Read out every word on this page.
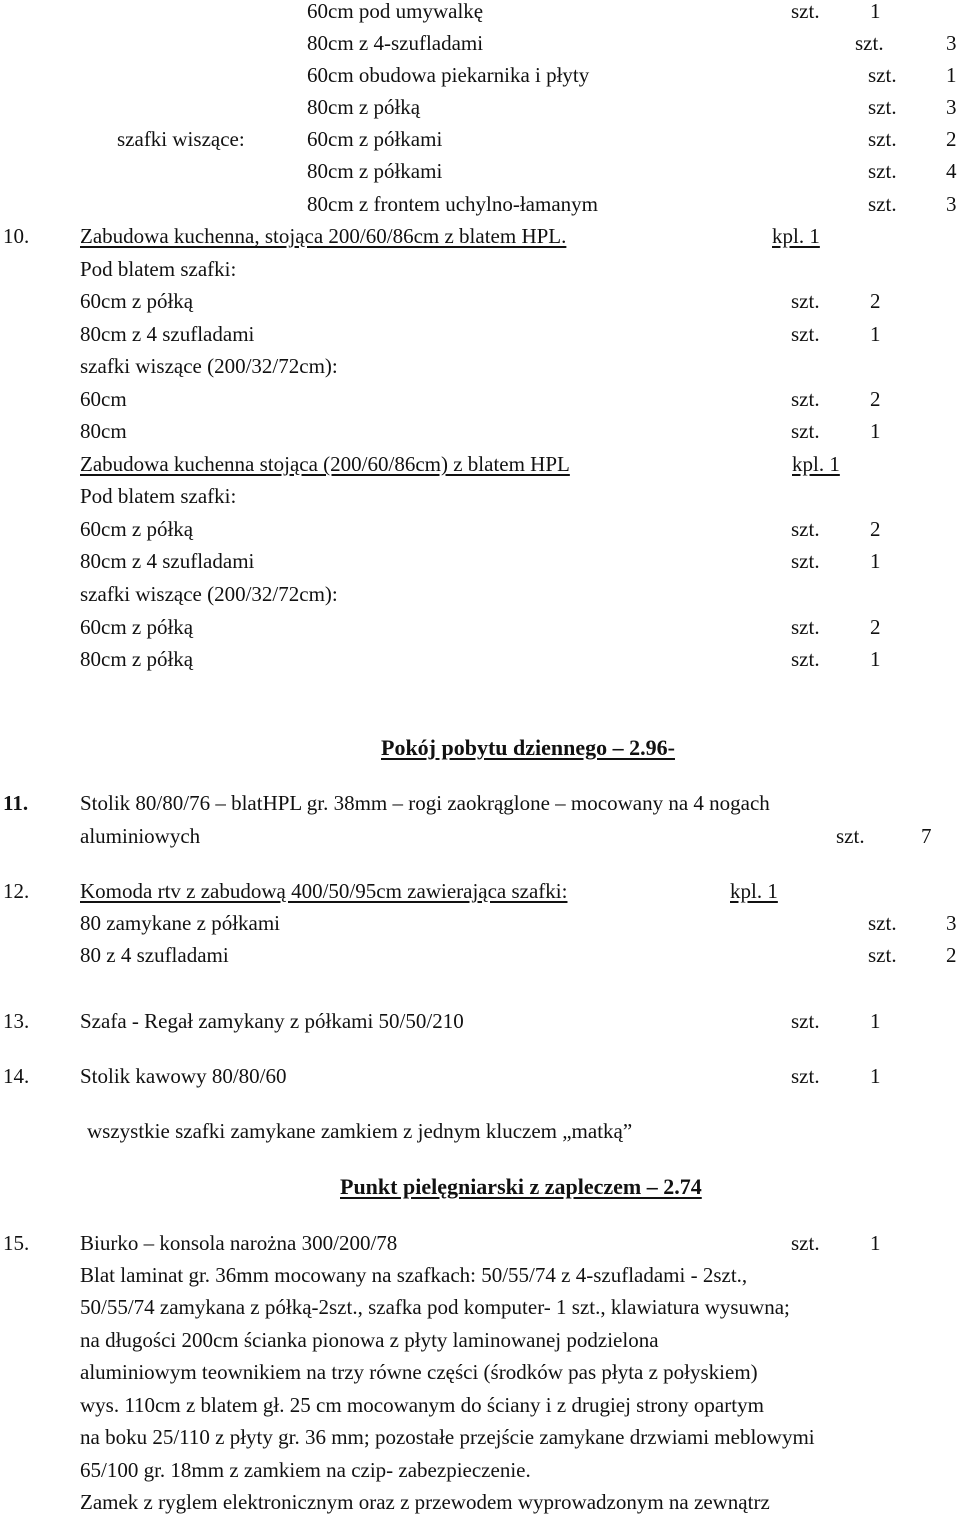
60cm pod umywalkę	szt. 1
80cm z 4-szufladami	szt.	3
60cm obudowa piekarnika i płyty	szt. 1
80cm z półką	szt. 3
szafki wiszące:	60cm z półkami	szt. 2
80cm z półkami	szt. 4
80cm z frontem uchylno-łamanym	szt. 3
10. Zabudowa kuchenna, stojąca 200/60/86cm z blatem HPL.	kpl. 1
Pod blatem szafki:
60cm z półką	szt. 2
80cm z 4 szufladami	szt. 1
szafki wiszące (200/32/72cm):
60cm	szt. 2
80cm	szt. 1
Zabudowa kuchenna stojąca (200/60/86cm) z blatem HPL	kpl. 1
Pod blatem szafki:
60cm z półką	szt. 2
80cm z 4 szufladami	szt. 1
szafki wiszące (200/32/72cm):
60cm z półką	szt. 2
80cm z półką	szt. 1
Pokój pobytu dziennego – 2.96-
11. Stolik 80/80/76 – blatHPL gr. 38mm – rogi zaokrąglone – mocowany na 4 nogach
aluminiowych	szt.	7
12. Komoda rtv z zabudową 400/50/95cm zawierająca szafki:	kpl. 1
80 zamykane z półkami	szt. 3
80 z 4 szufladami	szt. 2
13. Szafa - Regał zamykany z półkami 50/50/210	szt. 1
14. Stolik kawowy 80/80/60	szt. 1
wszystkie szafki zamykane zamkiem z jednym kluczem „matką”
Punkt pielęgniarski z zapleczem – 2.74
15. Biurko – konsola narożna 300/200/78	szt. 1
Blat laminat gr. 36mm mocowany na szafkach: 50/55/74 z 4-szufladami - 2szt.,
50/55/74 zamykana z półką-2szt., szafka pod komputer- 1 szt., klawiatura wysuwna;
na długości 200cm ścianka pionowa z płyty laminowanej podzielona
aluminiowym teownikiem na trzy równe części (środków pas płyta z połyskiem)
wys. 110cm z blatem gł. 25 cm mocowanym do ściany i z drugiej strony opartym
na boku 25/110 z płyty gr. 36 mm; pozostałe przejście zamykane drzwiami meblowymi
65/100 gr. 18mm z zamkiem na czip- zabezpieczenie.
Zamek z ryglem elektronicznym oraz z przewodem wyprowadzonym na zewnątrz
